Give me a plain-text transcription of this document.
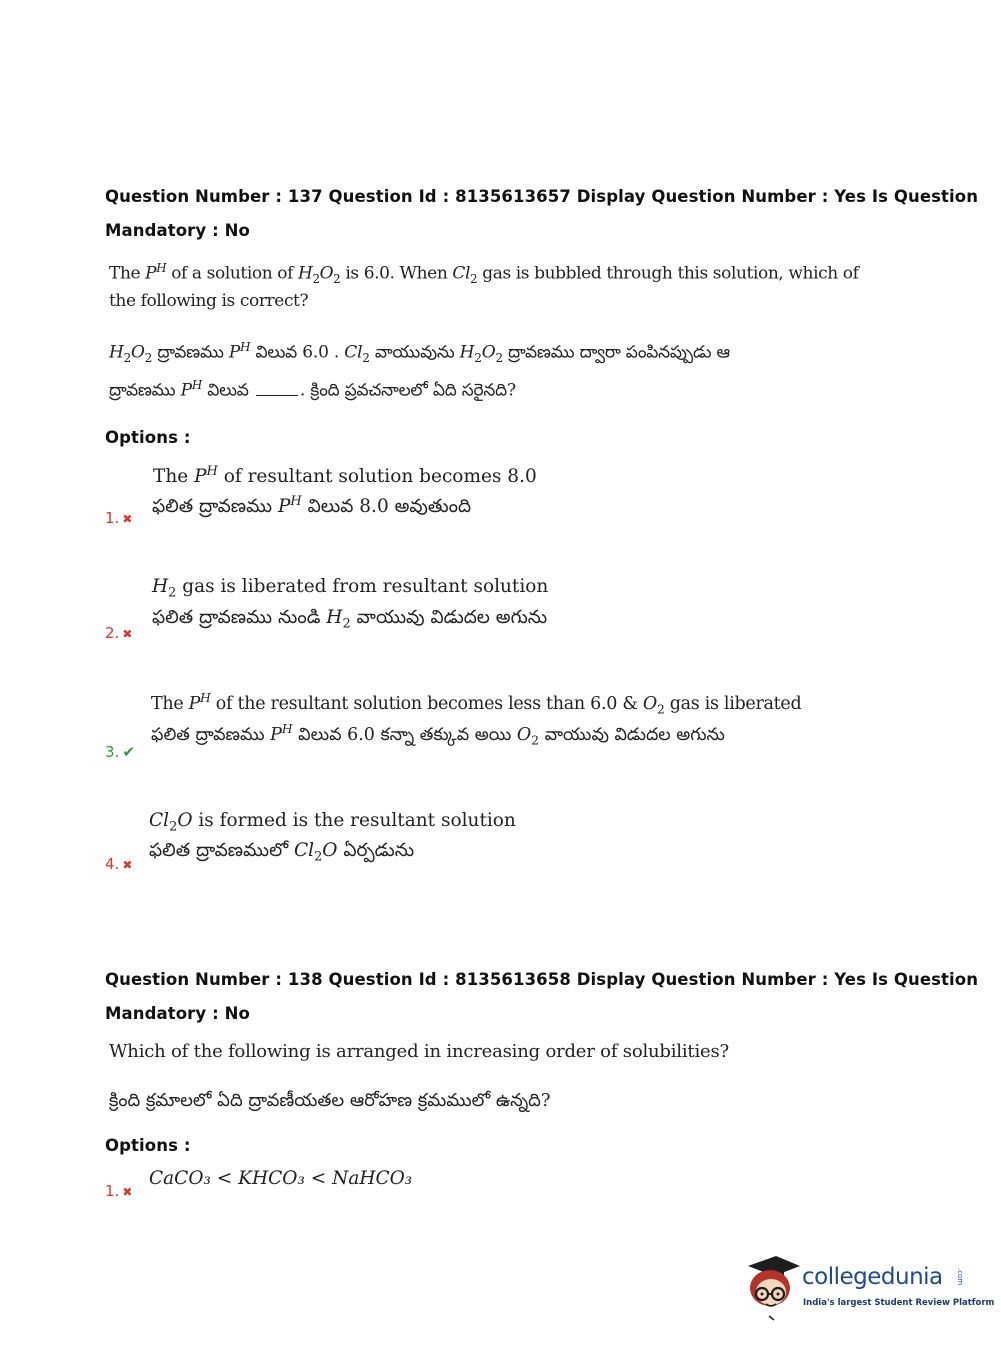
Question Number : 137 Question Id : 8135613657 Display Question Number : Yes Is Question
Mandatory : No
The $P^H$ of a solution of $H_2O_2$ is 6.0. When $Cl_2$ gas is bubbled through this solution, which of
the following is correct?
$H_2O_2$ ద్రావణము $P^H$ విలువ 6.0 . $Cl_2$ వాయువును $H_2O_2$ ద్రావణము ద్వారా పంపినప్పుడు ఆ
ద్రావణము $P^H$ విలువ	. క్రింది ప్రవచనాలలో ఏది సరైనది?
Options :
The $P^H$ of resultant solution becomes 8.0
ఫలిత ద్రావణము $P^H$ విలువ 8.0 అవుతుంది
1. ✖
$H_2$ gas is liberated from resultant solution
ఫలిత ద్రావణము నుండి $H_2$ వాయువు విడుదల అగును
2. ✖
The $P^H$ of the resultant solution becomes less than 6.0 & $O_2$ gas is liberated
ఫలిత ద్రావణము $P^H$ విలువ 6.0 కన్నా తక్కువ అయి $O_2$ వాయువు విడుదల అగును
3. ✔
$Cl_2O$ is formed is the resultant solution
ఫలిత ద్రావణములో $Cl_2O$ ఏర్పడును
4. ✖
Question Number : 138 Question Id : 8135613658 Display Question Number : Yes Is Question
Mandatory : No
Which of the following is arranged in increasing order of solubilities?
క్రింది క్రమాలలో ఏది ద్రావణీయతల ఆరోహణ క్రమములో ఉన్నది?
Options :
CaCO₃ < KHCO₃ < NaHCO₃
1. ✖
collegedunia .com
India's largest Student Review Platform
